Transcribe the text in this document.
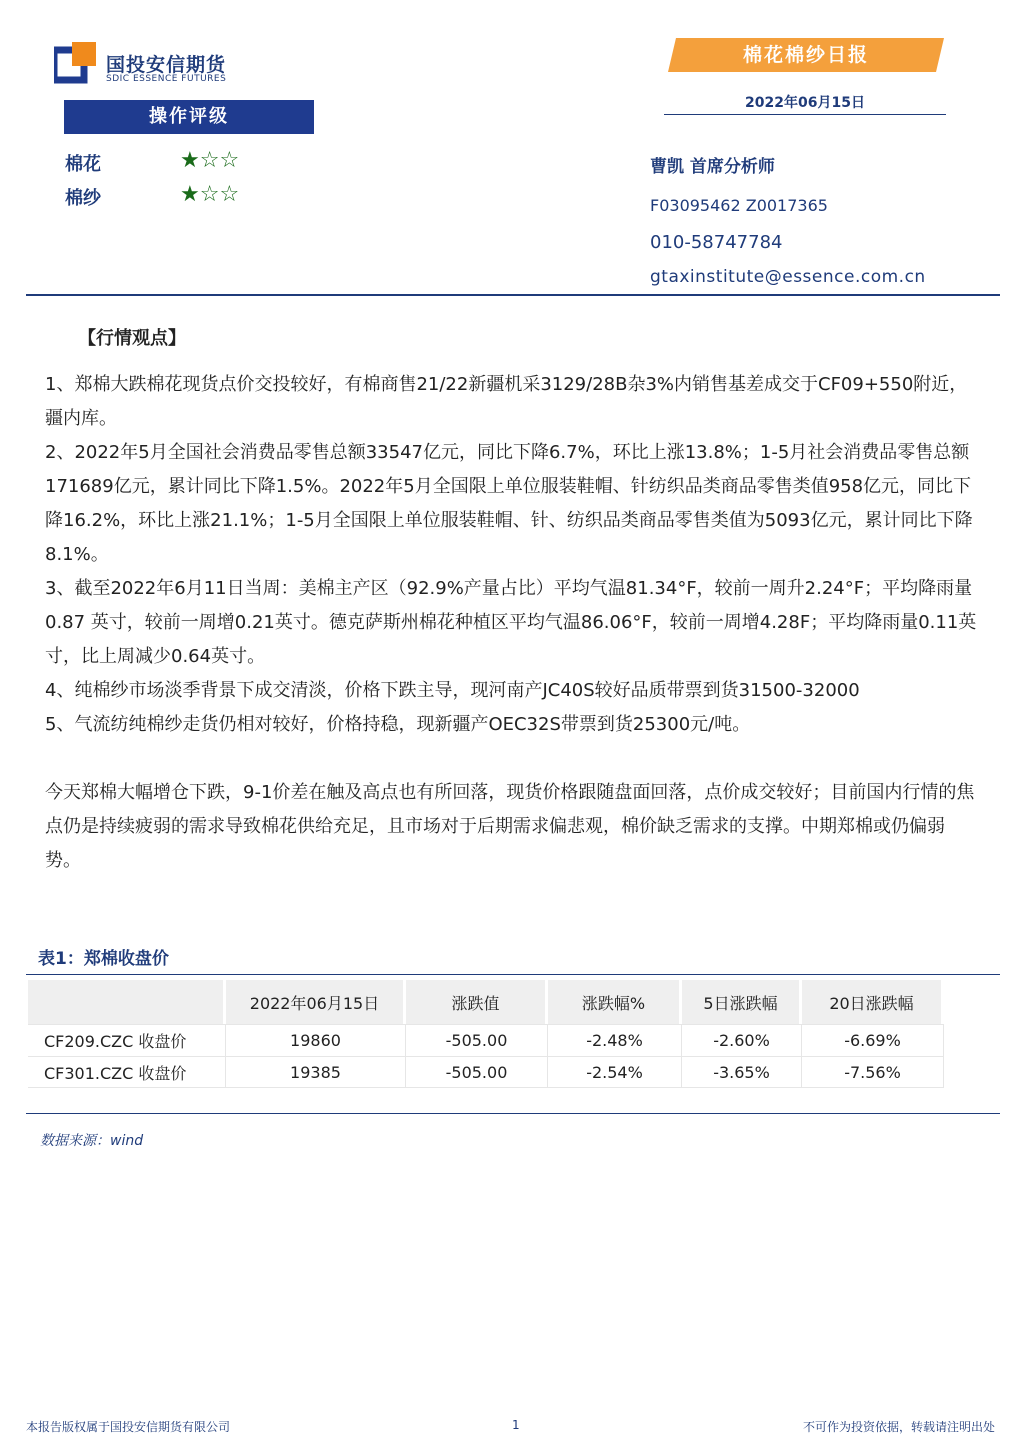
国投安信期货
SDIC ESSENCE FUTURES
操作评级
棉花	★☆☆
棉纱	★☆☆
棉花棉纱日报
2022年06月15日
曹凯 首席分析师
F03095462 Z0017365
010-58747784
gtaxinstitute@essence.com.cn
【行情观点】

1、郑棉大跌棉花现货点价交投较好，有棉商售21/22新疆机采3129/28B杂3%内销售基差成交于CF09+550附近，疆内库。

2、2022年5月全国社会消费品零售总额33547亿元，同比下降6.7%，环比上涨13.8%；1-5月社会消费品零售总额171689亿元，累计同比下降1.5%。2022年5月全国限上单位服装鞋帽、针纺织品类商品零售类值958亿元，同比下降16.2%，环比上涨21.1%；1-5月全国限上单位服装鞋帽、针、纺织品类商品零售类值为5093亿元，累计同比下降8.1%。

3、截至2022年6月11日当周：美棉主产区（92.9%产量占比）平均气温81.34°F，较前一周升2.24°F；平均降雨量0.87 英寸，较前一周增0.21英寸。德克萨斯州棉花种植区平均气温86.06°F，较前一周增4.28F；平均降雨量0.11英寸，比上周减少0.64英寸。

4、纯棉纱市场淡季背景下成交清淡，价格下跌主导，现河南产JC40S较好品质带票到货31500-32000

5、气流纺纯棉纱走货仍相对较好，价格持稳，现新疆产OEC32S带票到货25300元/吨。

今天郑棉大幅增仓下跌，9-1价差在触及高点也有所回落，现货价格跟随盘面回落，点价成交较好；目前国内行情的焦点仍是持续疲弱的需求导致棉花供给充足，且市场对于后期需求偏悲观，棉价缺乏需求的支撑。中期郑棉或仍偏弱势。

表1：郑棉收盘价
	2022年06月15日	涨跌值	涨跌幅%	5日涨跌幅	20日涨跌幅
CF209.CZC 收盘价	19860	-505.00	-2.48%	-2.60%	-6.69%
CF301.CZC 收盘价	19385	-505.00	-2.54%	-3.65%	-7.56%
数据来源：wind
本报告版权属于国投安信期货有限公司	1	不可作为投资依据，转载请注明出处
